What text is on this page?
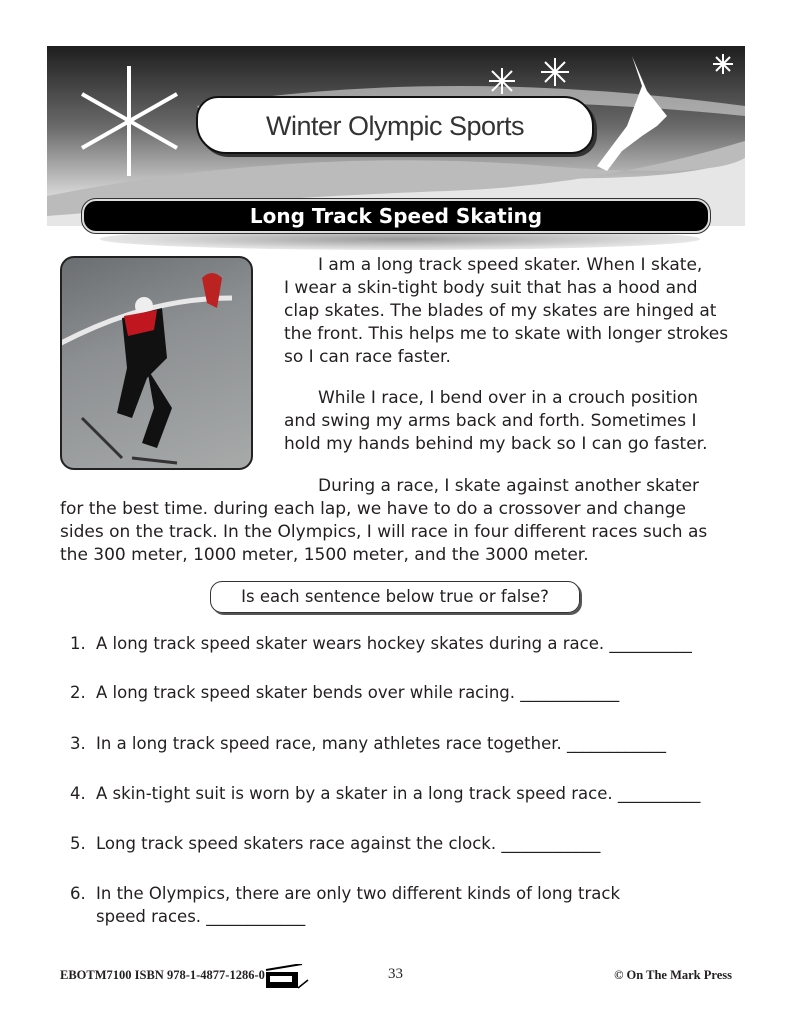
Winter Olympic Sports
Long Track Speed Skating
I am a long track speed skater. When I skate,
I wear a skin-tight body suit that has a hood and
clap skates. The blades of my skates are hinged at
the front. This helps me to skate with longer strokes
so I can race faster.
While I race, I bend over in a crouch position
and swing my arms back and forth. Sometimes I
hold my hands behind my back so I can go faster.
During a race, I skate against another skater
for the best time. during each lap, we have to do a crossover and change
sides on the track. In the Olympics, I will race in four different races such as
the 300 meter, 1000 meter, 1500 meter, and the 3000 meter.
Is each sentence below true or false?
1. A long track speed skater wears hockey skates during a race. __________
2. A long track speed skater bends over while racing. ____________
3. In a long track speed race, many athletes race together. ____________
4. A skin-tight suit is worn by a skater in a long track speed race. __________
5. Long track speed skaters race against the clock. ____________
6. In the Olympics, there are only two different kinds of long track
speed races. ____________
EBOTM7100 ISBN 978-1-4877-1286-0	33	© On The Mark Press
